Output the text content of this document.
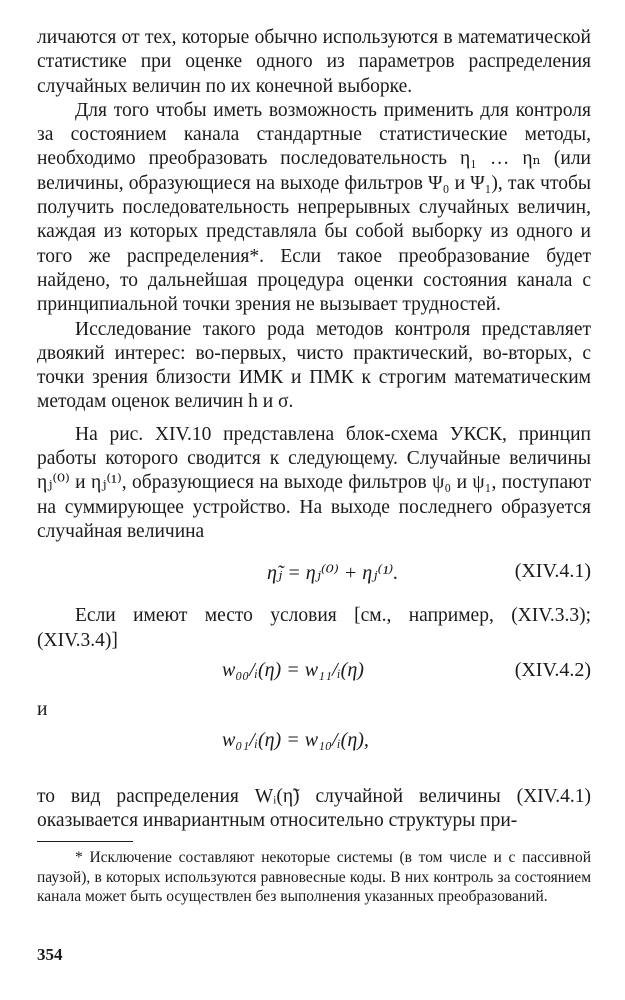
личаются от тех, которые обычно используются в математической статистике при оценке одного из параметров распределения случайных величин по их конечной выборке.

Для того чтобы иметь возможность применить для контроля за состоянием канала стандартные статистические методы, необходимо преобразовать последовательность η₁ … ηₙ (или величины, образующиеся на выходе фильтров Ψ₀ и Ψ₁), так чтобы получить последовательность непрерывных случайных величин, каждая из которых представляла бы собой выборку из одного и того же распределения*. Если такое преобразование будет найдено, то дальнейшая процедура оценки состояния канала с принципиальной точки зрения не вызывает трудностей.

Исследование такого рода методов контроля представляет двоякий интерес: во-первых, чисто практический, во-вторых, с точки зрения близости ИМК и ПМК к строгим математическим методам оценок величин h и σ.

На рис. XIV.10 представлена блок-схема УКСК, принцип работы которого сводится к следующему. Случайные величины ηⱼ⁽⁰⁾ и ηⱼ⁽¹⁾, образующиеся на выходе фильтров ψ₀ и ψ₁, поступают на суммирующее устройство. На выходе последнего образуется случайная величина

η̃ⱼ = ηⱼ⁽⁰⁾ + ηⱼ⁽¹⁾.	(XIV.4.1)

Если имеют место условия [см., например, (XIV.3.3); (XIV.3.4)]

w₀₀/ᵢ(η) = w₁₁/ᵢ(η)	(XIV.4.2)
и
w₀₁/ᵢ(η) = w₁₀/ᵢ(η),

то вид распределения Wᵢ(η̃) случайной величины (XIV.4.1) оказывается инвариантным относительно структуры при-

* Исключение составляют некоторые системы (в том числе и с пассивной паузой), в которых используются равновесные коды. В них контроль за состоянием канала может быть осуществлен без выполнения указанных преобразований.

354
